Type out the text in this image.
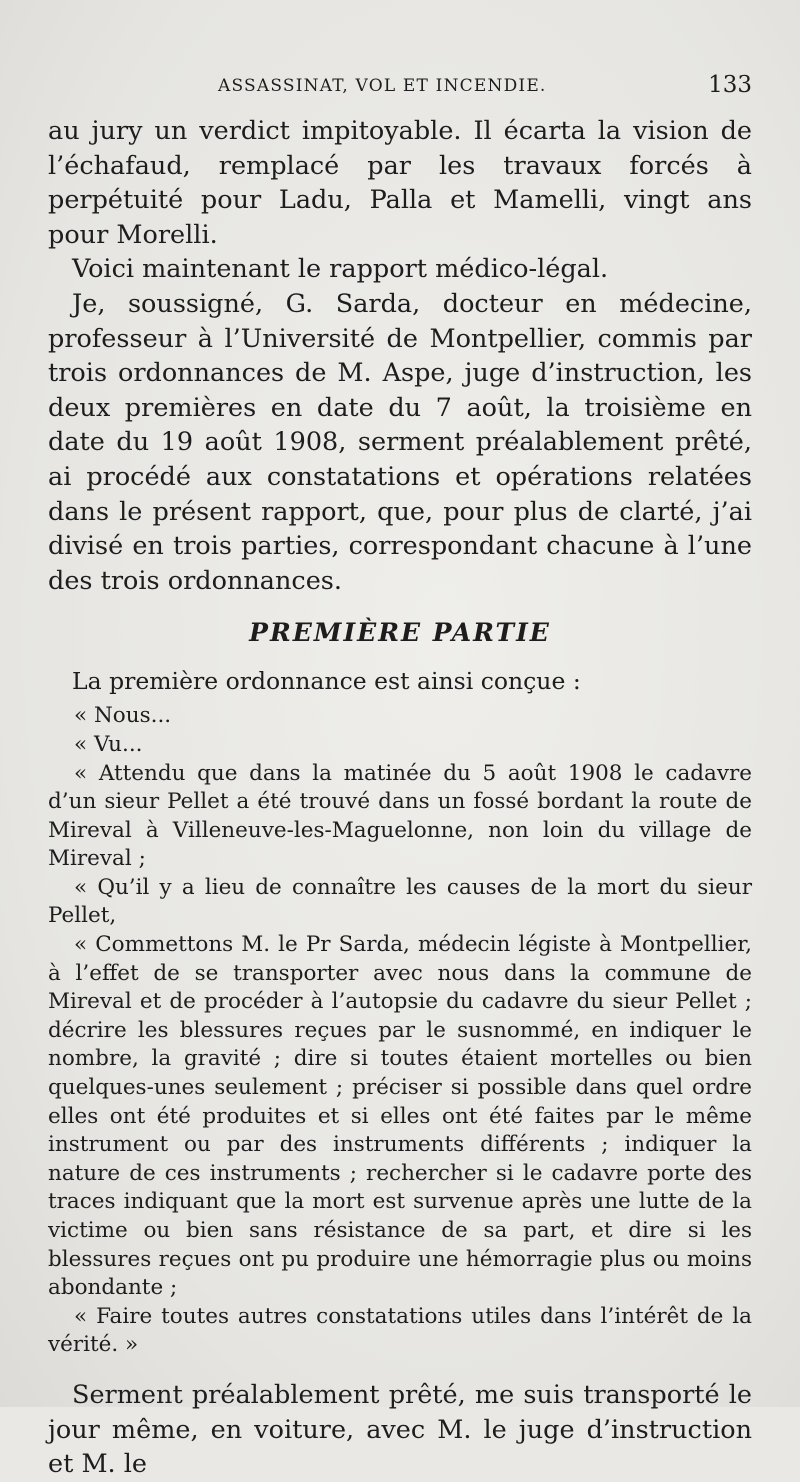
ASSASSINAT, VOL ET INCENDIE.	133

au jury un verdict impitoyable. Il écarta la vision de l’échafaud, remplacé par les travaux forcés à perpétuité pour Ladu, Palla et Mamelli, vingt ans pour Morelli.

Voici maintenant le rapport médico-légal.

Je, soussigné, G. Sarda, docteur en médecine, professeur à l’Université de Montpellier, commis par trois ordonnances de M. Aspe, juge d’instruction, les deux premières en date du 7 août, la troisième en date du 19 août 1908, serment préalablement prêté, ai procédé aux constatations et opérations relatées dans le présent rapport, que, pour plus de clarté, j’ai divisé en trois parties, correspondant chacune à l’une des trois ordonnances.

PREMIÈRE PARTIE

La première ordonnance est ainsi conçue :

« Nous...

« Vu...

« Attendu que dans la matinée du 5 août 1908 le cadavre d’un sieur Pellet a été trouvé dans un fossé bordant la route de Mireval à Villeneuve-les-Maguelonne, non loin du village de Mireval ;

« Qu’il y a lieu de connaître les causes de la mort du sieur Pellet,

« Commettons M. le Pr Sarda, médecin légiste à Montpellier, à l’effet de se transporter avec nous dans la commune de Mireval et de procéder à l’autopsie du cadavre du sieur Pellet ; décrire les blessures reçues par le susnommé, en indiquer le nombre, la gravité ; dire si toutes étaient mortelles ou bien quelques-unes seulement ; préciser si possible dans quel ordre elles ont été produites et si elles ont été faites par le même instrument ou par des instruments différents ; indiquer la nature de ces instruments ; rechercher si le cadavre porte des traces indiquant que la mort est survenue après une lutte de la victime ou bien sans résistance de sa part, et dire si les blessures reçues ont pu produire une hémorragie plus ou moins abondante ;

« Faire toutes autres constatations utiles dans l’intérêt de la vérité. »

Serment préalablement prêté, me suis transporté le jour même, en voiture, avec M. le juge d’instruction et M. le
